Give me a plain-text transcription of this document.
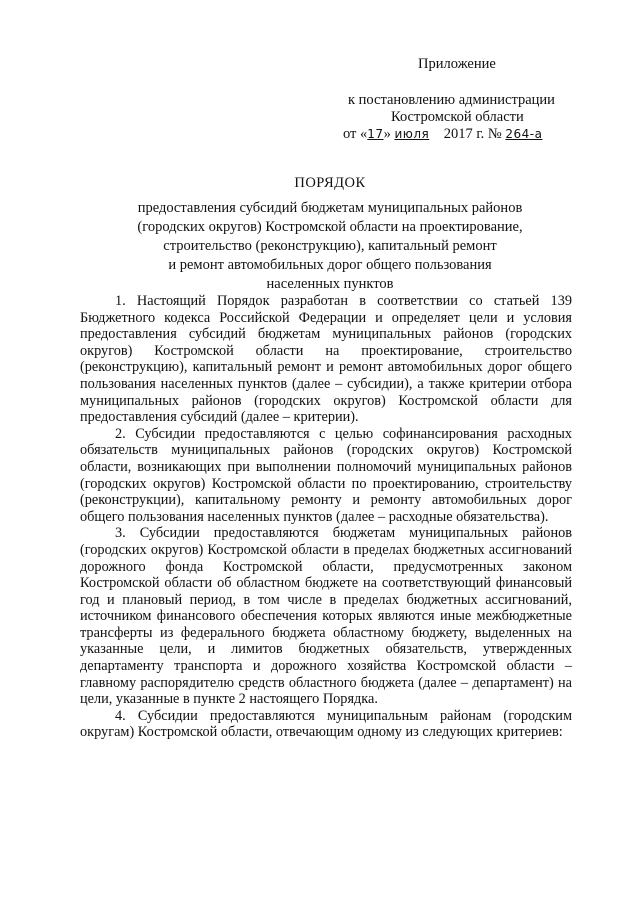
Приложение
к постановлению администрации
Костромской области
от «17» июля 2017 г. № 264-а
ПОРЯДОК
предоставления субсидий бюджетам муниципальных районов
(городских округов) Костромской области на проектирование,
строительство (реконструкцию), капитальный ремонт
и ремонт автомобильных дорог общего пользования
населенных пунктов

1. Настоящий Порядок разработан в соответствии со статьей 139 Бюджетного кодекса Российской Федерации и определяет цели и условия предоставления субсидий бюджетам муниципальных районов (городских округов) Костромской области на проектирование, строительство (реконструкцию), капитальный ремонт и ремонт автомобильных дорог общего пользования населенных пунктов (далее – субсидии), а также критерии отбора муниципальных районов (городских округов) Костромской области для предоставления субсидий (далее – критерии).

2. Субсидии предоставляются с целью софинансирования расходных обязательств муниципальных районов (городских округов) Костромской области, возникающих при выполнении полномочий муниципальных районов (городских округов) Костромской области по проектированию, строительству (реконструкции), капитальному ремонту и ремонту автомобильных дорог общего пользования населенных пунктов (далее – расходные обязательства).

3. Субсидии предоставляются бюджетам муниципальных районов (городских округов) Костромской области в пределах бюджетных ассигнований дорожного фонда Костромской области, предусмотренных законом Костромской области об областном бюджете на соответствующий финансовый год и плановый период, в том числе в пределах бюджетных ассигнований, источником финансового обеспечения которых являются иные межбюджетные трансферты из федерального бюджета областному бюджету, выделенных на указанные цели, и лимитов бюджетных обязательств, утвержденных департаменту транспорта и дорожного хозяйства Костромской области – главному распорядителю средств областного бюджета (далее – департамент) на цели, указанные в пункте 2 настоящего Порядка.

4. Субсидии предоставляются муниципальным районам (городским округам) Костромской области, отвечающим одному из следующих критериев:
